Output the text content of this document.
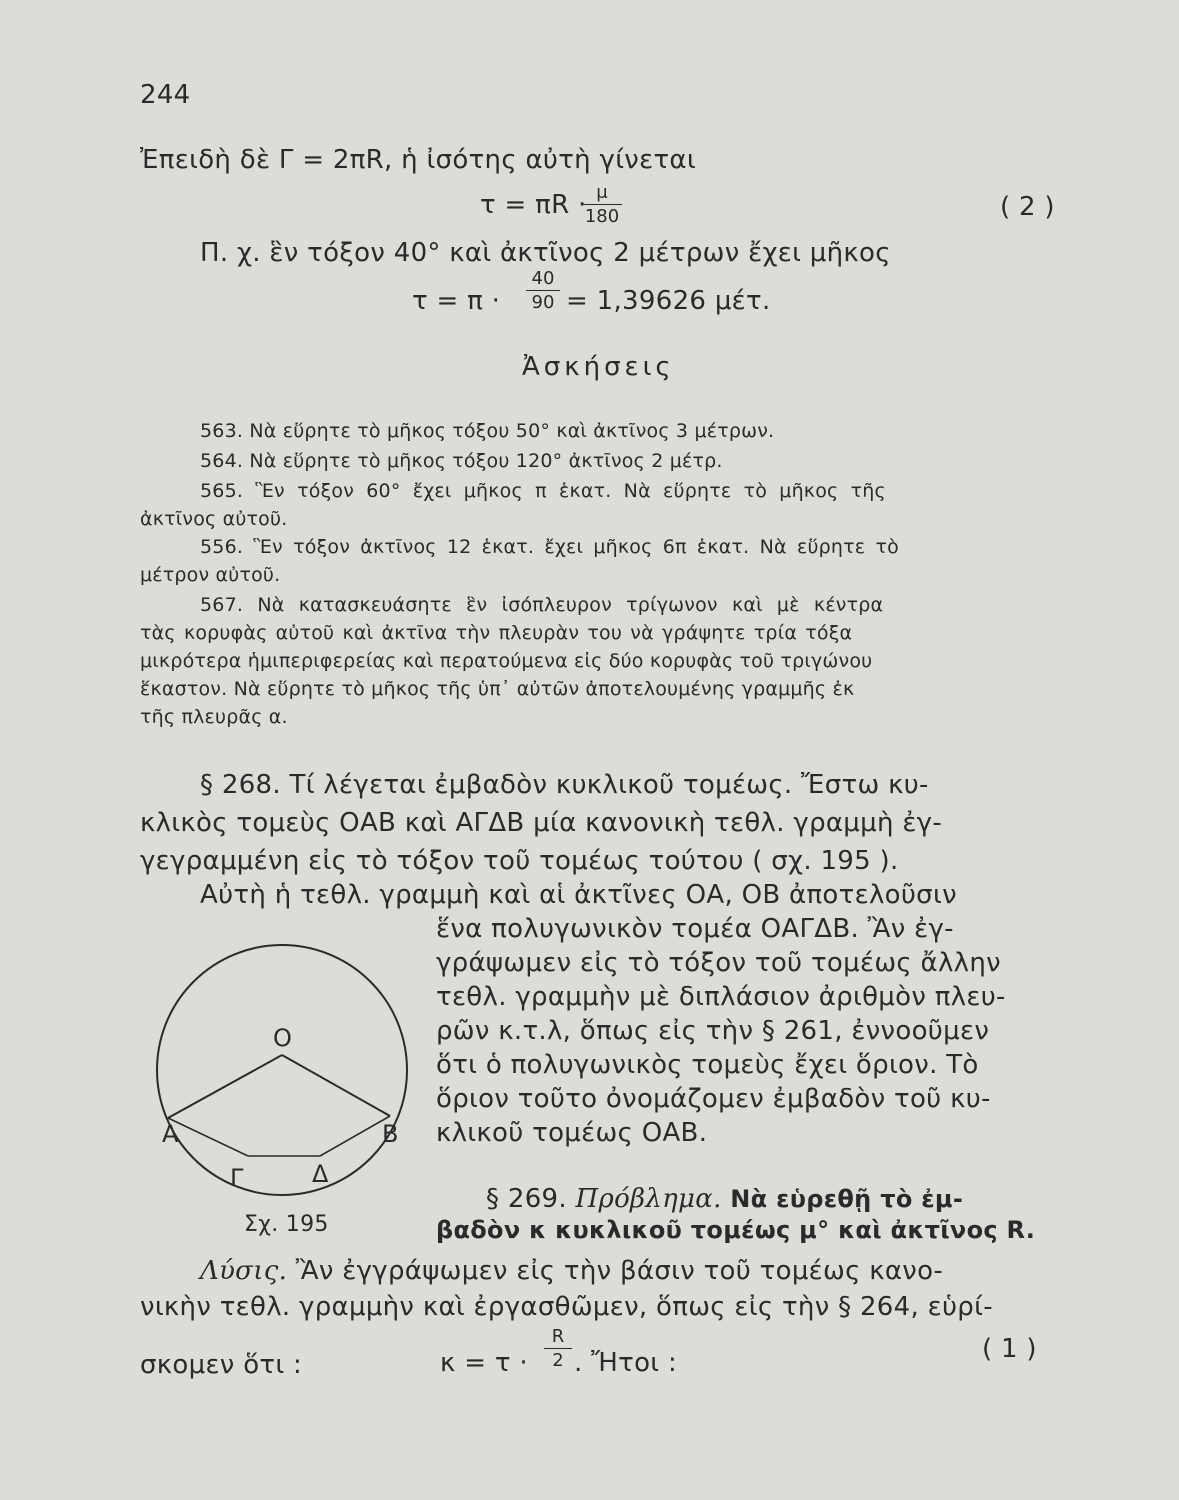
244
Ἐπειδὴ δὲ Γ = 2πR, ἡ ἰσότης αὐτὴ γίνεται
τ = πR · μ
180	( 2 )
Π. χ. ἓν τόξον 40° καὶ ἀκτῖνος 2 μέτρων ἔχει μῆκος
τ = π ·
40
90 = 1,39626 μέτ.
Ἀσκήσεις
563. Νὰ εὕρητε τὸ μῆκος τόξου 50° καὶ ἀκτῖνος 3 μέτρων.
564. Νὰ εὕρητε τὸ μῆκος τόξου 120° ἀκτῖνος 2 μέτρ.
565. Ἓν τόξον 60° ἔχει μῆκος π ἑκατ. Νὰ εὕρητε τὸ μῆκος τῆς
ἀκτῖνος αὐτοῦ.
556. Ἓν τόξον ἀκτῖνος 12 ἑκατ. ἔχει μῆκος 6π ἑκατ. Νὰ εὕρητε τὸ
μέτρον αὐτοῦ.
567. Νὰ κατασκευάσητε ἓν ἰσόπλευρον τρίγωνον καὶ μὲ κέντρα
τὰς κορυφὰς αὐτοῦ καὶ ἀκτῖνα τὴν πλευρὰν του νὰ γράψητε τρία τόξα
μικρότερα ἡμιπεριφερείας καὶ περατούμενα εἰς δύο κορυφὰς τοῦ τριγώνου
ἕκαστον. Νὰ εὕρητε τὸ μῆκος τῆς ὑπ᾿ αὐτῶν ἀποτελουμένης γραμμῆς ἐκ
τῆς πλευρᾶς α.
§ 268. Τί λέγεται ἐμβαδὸν κυκλικοῦ τομέως. Ἔστω κυ-
κλικὸς τομεὺς ΟΑΒ καὶ ΑΓΔΒ μία κανονικὴ τεθλ. γραμμὴ ἐγ-
γεγραμμένη εἰς τὸ τόξον τοῦ τομέως τούτου ( σχ. 195 ).
Αὐτὴ ἡ τεθλ. γραμμὴ καὶ αἱ ἀκτῖνες ΟΑ, ΟΒ ἀποτελοῦσιν
ἕνα πολυγωνικὸν τομέα ΟΑΓΔΒ. Ἂν ἐγ-
γράψωμεν εἰς τὸ τόξον τοῦ τομέως ἄλλην
τεθλ. γραμμὴν μὲ διπλάσιον ἀριθμὸν πλευ-
ρῶν κ.τ.λ, ὅπως εἰς τὴν § 261, ἐννοοῦμεν
ὅτι ὁ πολυγωνικὸς τομεὺς ἔχει ὅριον. Τὸ
ὅριον τοῦτο ὀνομάζομεν ἐμβαδὸν τοῦ κυ-
κλικοῦ τομέως ΟΑΒ.
Ο
Α	Β
Γ	Δ
Σχ. 195
§ 269. Πρόβλημα. Νὰ εὑρεθῇ τὸ ἐμ-
βαδὸν κ κυκλικοῦ τομέως μ° καὶ ἀκτῖνος R.
Λύσις. Ἂν ἐγγράψωμεν εἰς τὴν βάσιν τοῦ τομέως κανο-
νικὴν τεθλ. γραμμὴν καὶ ἐργασθῶμεν, ὅπως εἰς τὴν § 264, εὑρί-
σκομεν ὅτι :	κ = τ ·
R
2 . Ἤτοι :	( 1 )
